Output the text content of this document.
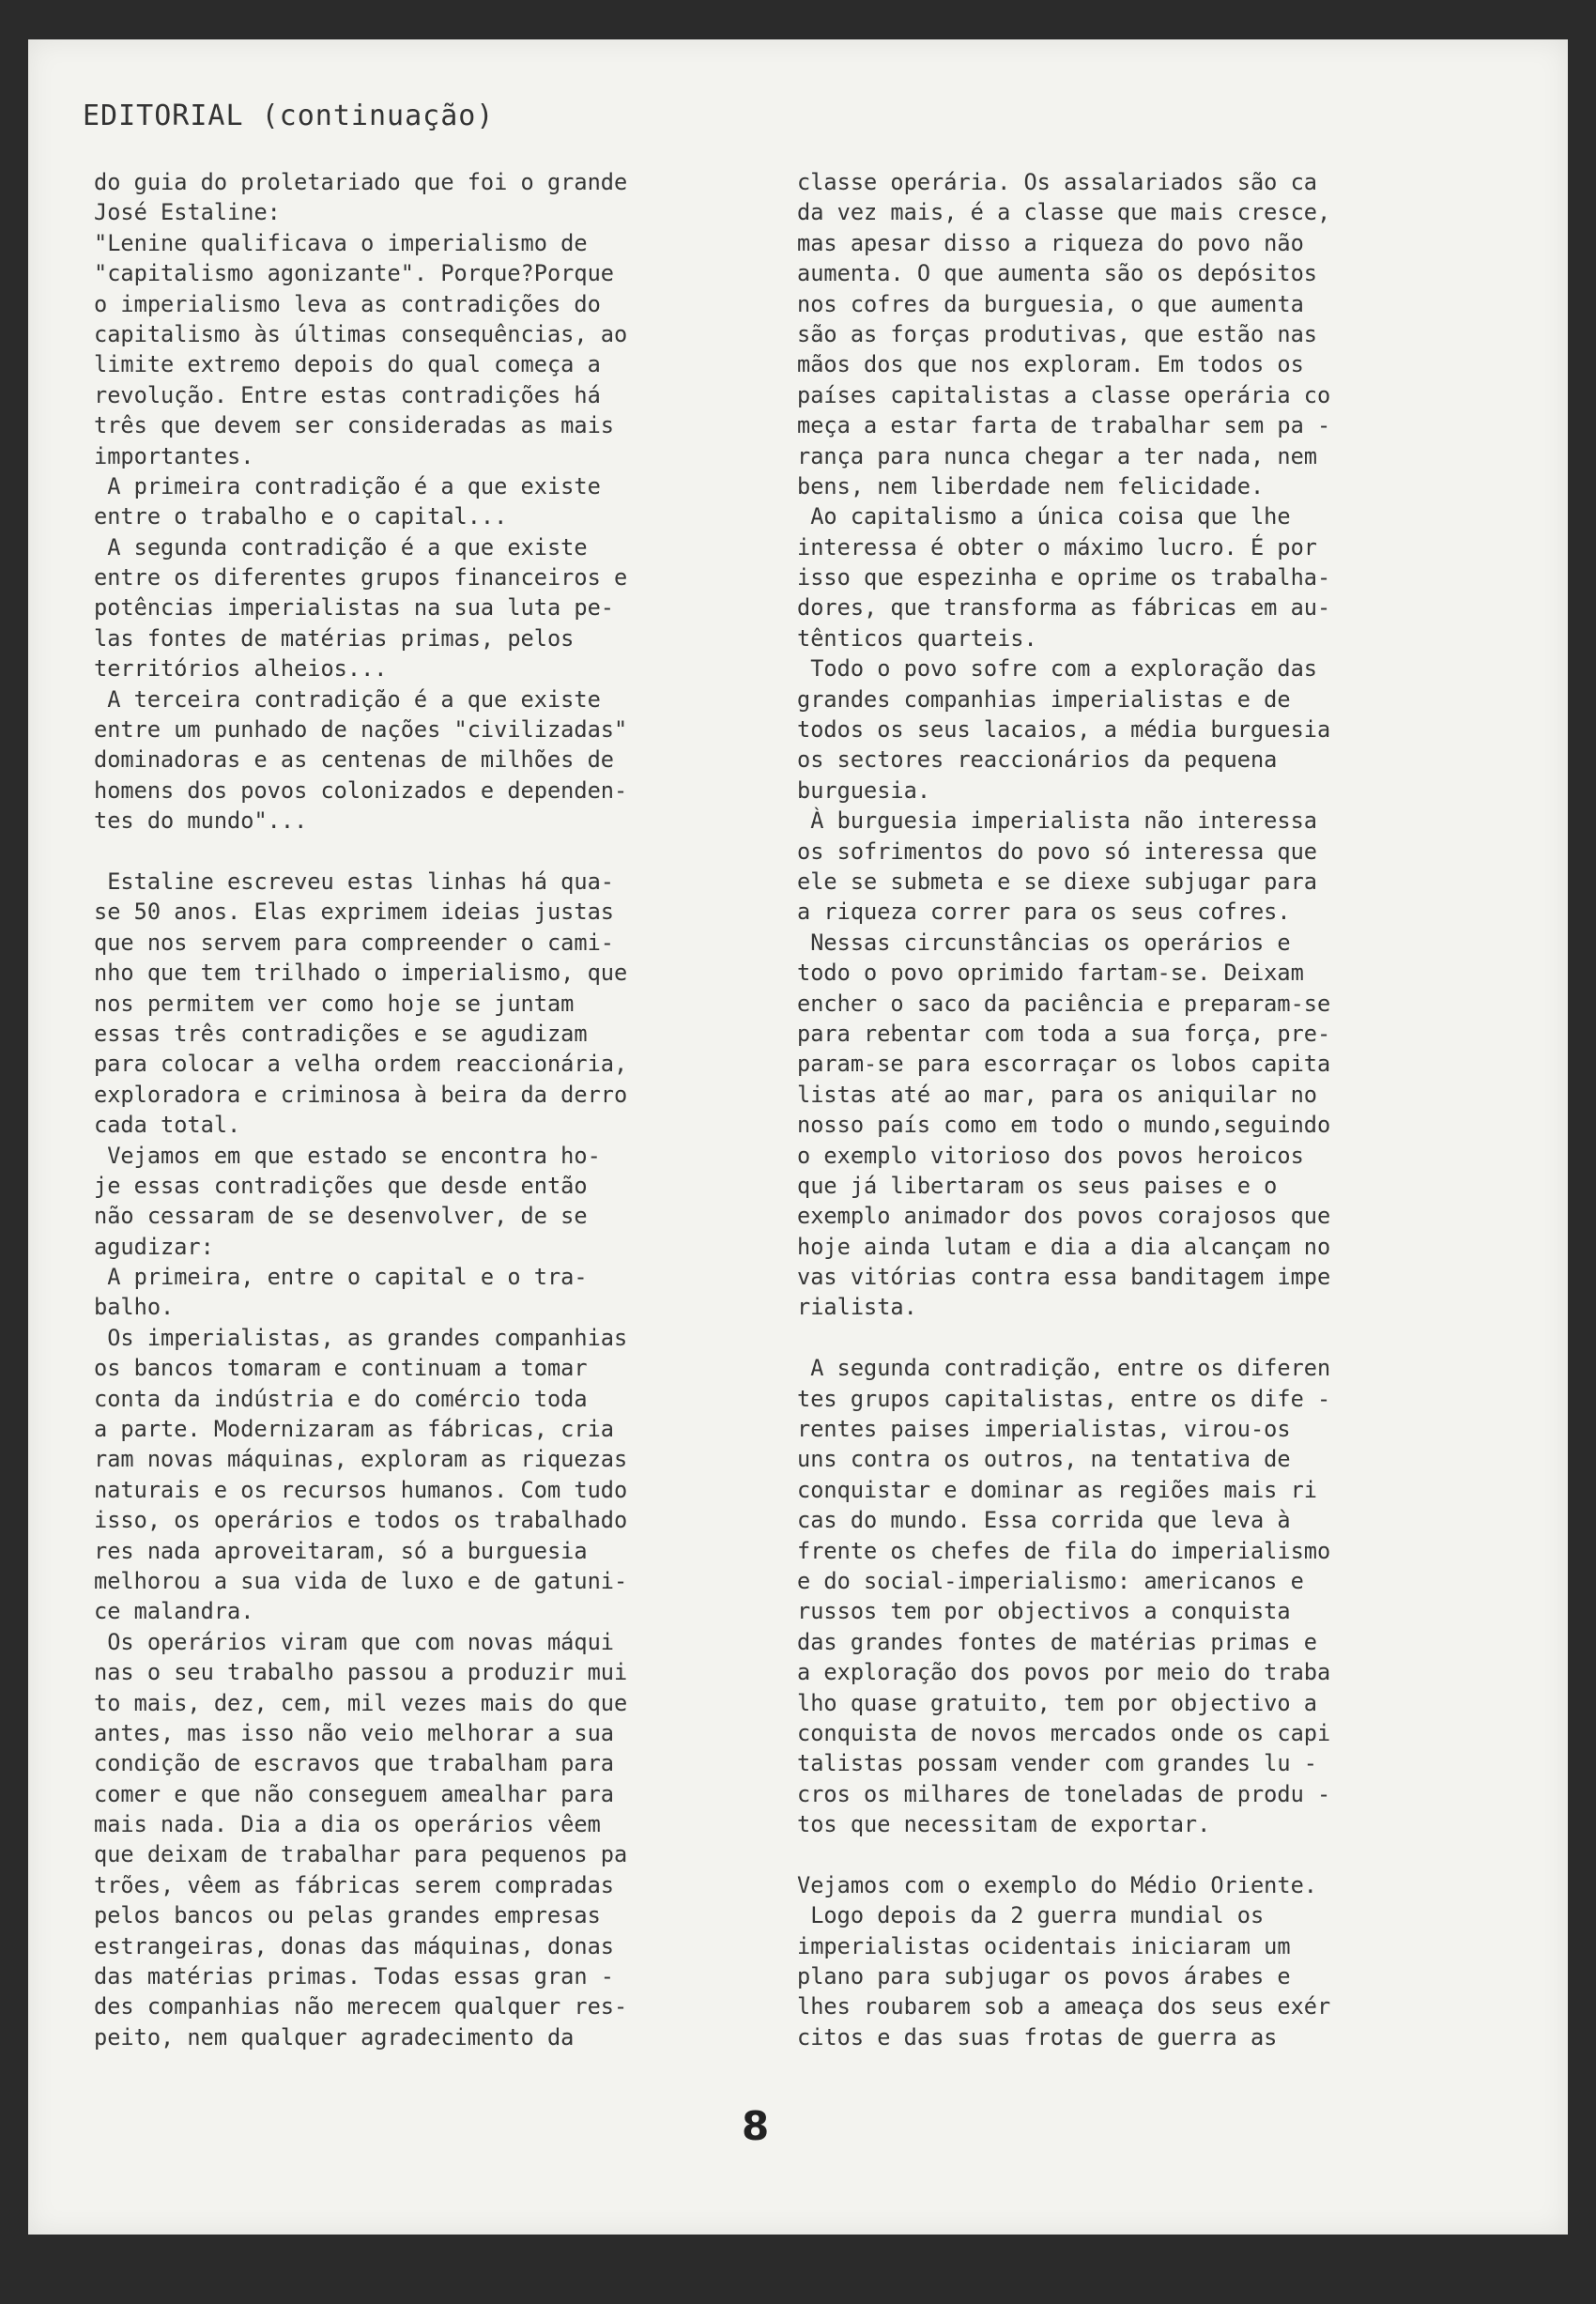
EDITORIAL (continuação)
do guia do proletariado que foi o grande
José Estaline:
"Lenine qualificava o imperialismo de
"capitalismo agonizante". Porque?Porque
o imperialismo leva as contradições do
capitalismo às últimas consequências, ao
limite extremo depois do qual começa a
revolução. Entre estas contradições há
três que devem ser consideradas as mais
importantes.
A primeira contradição é a que existe
entre o trabalho e o capital...
A segunda contradição é a que existe
entre os diferentes grupos financeiros e
potências imperialistas na sua luta pe-
las fontes de matérias primas, pelos
territórios alheios...
A terceira contradição é a que existe
entre um punhado de nações "civilizadas"
dominadoras e as centenas de milhões de
homens dos povos colonizados e dependen-
tes do mundo"...
Estaline escreveu estas linhas há qua-
se 50 anos. Elas exprimem ideias justas
que nos servem para compreender o cami-
nho que tem trilhado o imperialismo, que
nos permitem ver como hoje se juntam
essas três contradições e se agudizam
para colocar a velha ordem reaccionária,
exploradora e criminosa à beira da derro
cada total.
Vejamos em que estado se encontra ho-
je essas contradições que desde então
não cessaram de se desenvolver, de se
agudizar:
A primeira, entre o capital e o tra-
balho.
Os imperialistas, as grandes companhias
os bancos tomaram e continuam a tomar
conta da indústria e do comércio toda
a parte. Modernizaram as fábricas, cria
ram novas máquinas, exploram as riquezas
naturais e os recursos humanos. Com tudo
isso, os operários e todos os trabalhado
res nada aproveitaram, só a burguesia
melhorou a sua vida de luxo e de gatuni-
ce malandra.
Os operários viram que com novas máqui
nas o seu trabalho passou a produzir mui
to mais, dez, cem, mil vezes mais do que
antes, mas isso não veio melhorar a sua
condição de escravos que trabalham para
comer e que não conseguem amealhar para
mais nada. Dia a dia os operários vêem
que deixam de trabalhar para pequenos pa
trões, vêem as fábricas serem compradas
pelos bancos ou pelas grandes empresas
estrangeiras, donas das máquinas, donas
das matérias primas. Todas essas gran -
des companhias não merecem qualquer res-
peito, nem qualquer agradecimento da
classe operária. Os assalariados são ca
da vez mais, é a classe que mais cresce,
mas apesar disso a riqueza do povo não
aumenta. O que aumenta são os depósitos
nos cofres da burguesia, o que aumenta
são as forças produtivas, que estão nas
mãos dos que nos exploram. Em todos os
países capitalistas a classe operária co
meça a estar farta de trabalhar sem pa -
rança para nunca chegar a ter nada, nem
bens, nem liberdade nem felicidade.
Ao capitalismo a única coisa que lhe
interessa é obter o máximo lucro. É por
isso que espezinha e oprime os trabalha-
dores, que transforma as fábricas em au-
tênticos quarteis.
Todo o povo sofre com a exploração das
grandes companhias imperialistas e de
todos os seus lacaios, a média burguesia
os sectores reaccionários da pequena
burguesia.
À burguesia imperialista não interessa
os sofrimentos do povo só interessa que
ele se submeta e se diexe subjugar para
a riqueza correr para os seus cofres.
Nessas circunstâncias os operários e
todo o povo oprimido fartam-se. Deixam
encher o saco da paciência e preparam-se
para rebentar com toda a sua força, pre-
param-se para escorraçar os lobos capita
listas até ao mar, para os aniquilar no
nosso país como em todo o mundo,seguindo
o exemplo vitorioso dos povos heroicos
que já libertaram os seus paises e o
exemplo animador dos povos corajosos que
hoje ainda lutam e dia a dia alcançam no
vas vitórias contra essa banditagem impe
rialista.
A segunda contradição, entre os diferen
tes grupos capitalistas, entre os dife -
rentes paises imperialistas, virou-os
uns contra os outros, na tentativa de
conquistar e dominar as regiões mais ri
cas do mundo. Essa corrida que leva à
frente os chefes de fila do imperialismo
e do social-imperialismo: americanos e
russos tem por objectivos a conquista
das grandes fontes de matérias primas e
a exploração dos povos por meio do traba
lho quase gratuito, tem por objectivo a
conquista de novos mercados onde os capi
talistas possam vender com grandes lu -
cros os milhares de toneladas de produ -
tos que necessitam de exportar.
Vejamos com o exemplo do Médio Oriente.
Logo depois da 2 guerra mundial os
imperialistas ocidentais iniciaram um
plano para subjugar os povos árabes e
lhes roubarem sob a ameaça dos seus exér
citos e das suas frotas de guerra as
8
